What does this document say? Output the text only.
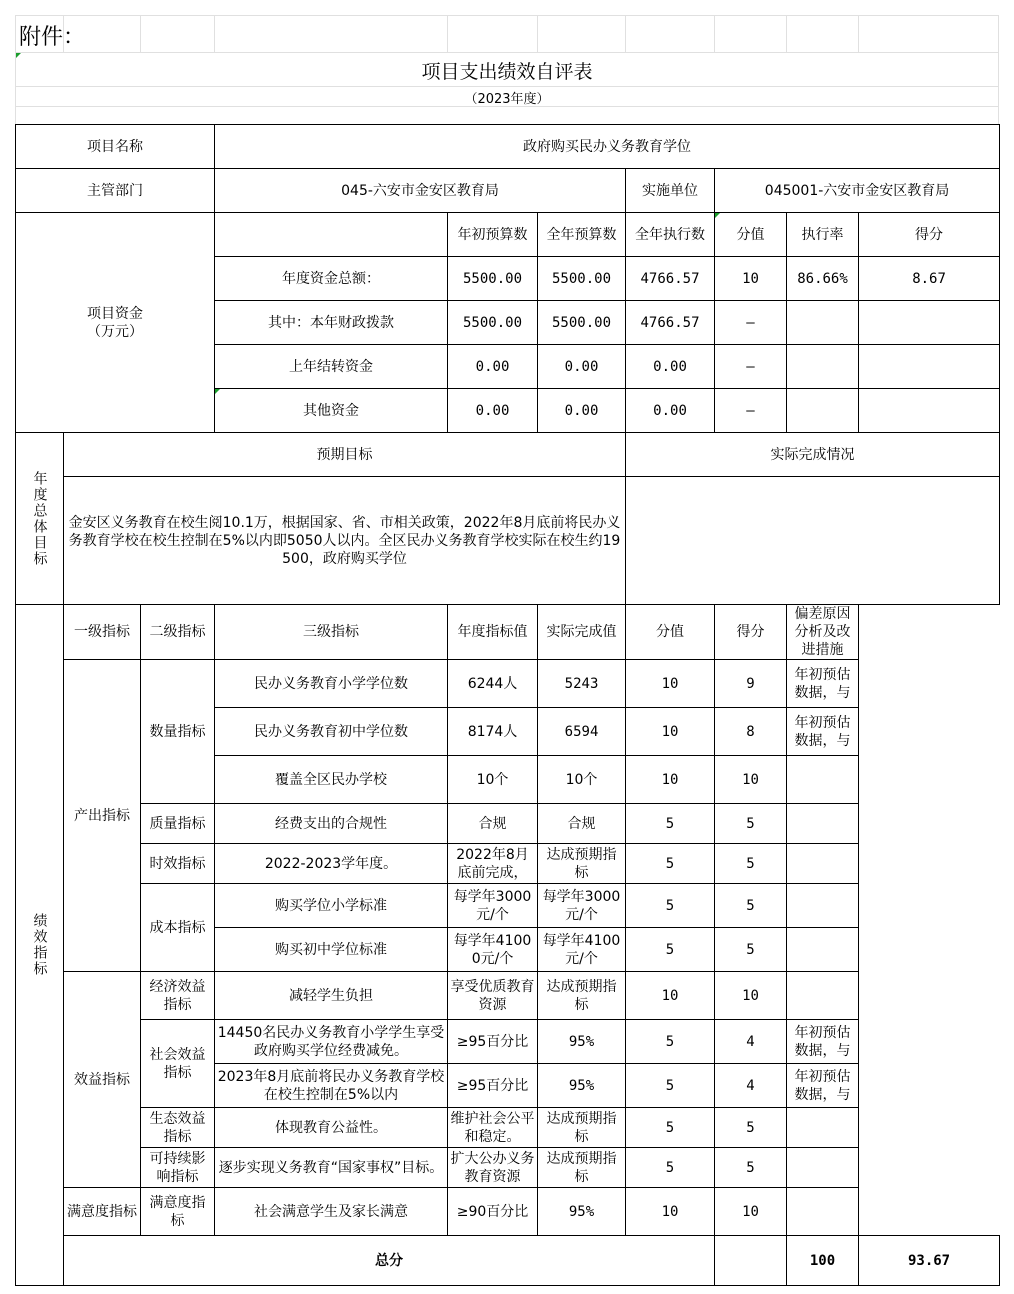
附件：
项目支出绩效自评表
（2023年度）
项目名称			政府购买民办义务教育学位							
主管部门			045-六安市金安区教育局			实施单位	045001-六安市金安区教育局			
项目资金
（万元）				年初预算数	全年预算数	全年执行数	分值	执行率	得分	
			年度资金总额：	5500.00	5500.00	4766.57	10	86.66%	8.67	
			其中：本年财政拨款	5500.00	5500.00	4766.57	—			
			上年结转资金	0.00	0.00	0.00	—			
			其他资金	0.00	0.00	0.00	—			
年度总体目标	预期目标					实际完成情况				
	金安区义务教育在校生阅10.1万，根据国家、省、市相关政策，2022年8月底前将民办义务教育学校在校生控制在5%以内即5050人以内。全区民办义务教育学校实际在校生约19500，政府购买学位									
绩效指标	一级指标	二级指标	三级指标	年度指标值	实际完成值	分值	得分	偏差原因分析及改进措施		
	产出指标	数量指标	民办义务教育小学学位数	6244人	5243	10	9	年初预估数据，与		

			民办义务教育初中学位数	8174人	6594	10	8	年初预估数据，与		

			覆盖全区民办学校	10个	10个	10	10			
		质量指标	经费支出的合规性	合规	合规	5	5			
		时效指标	2022-2023学年度。	2022年8月底前完成，	达成预期指标	5	5			
		成本指标	购买学位小学标准	每学年3000元/个	每学年3000元/个	5	5			
			购买初中学位标准	每学年41000元/个	每学年4100元/个	5	5			
	效益指标	经济效益指标	减轻学生负担	享受优质教育资源	达成预期指标	10	10			
		社会效益指标	14450名民办义务教育小学学生享受政府购买学位经费减免。	≥95百分比	95%	5	4	年初预估数据，与		

			2023年8月底前将民办义务教育学校在校生控制在5%以内	≥95百分比	95%	5	4	年初预估数据，与		

		生态效益指标	体现教育公益性。	维护社会公平和稳定。	达成预期指标	5	5			
		可持续影响指标	逐步实现义务教育“国家事权”目标。	扩大公办义务教育资源	达成预期指标	5	5			
	满意度指标	满意度指标	社会满意学生及家长满意	≥90百分比	95%	10	10			
	总分							100	93.67	
